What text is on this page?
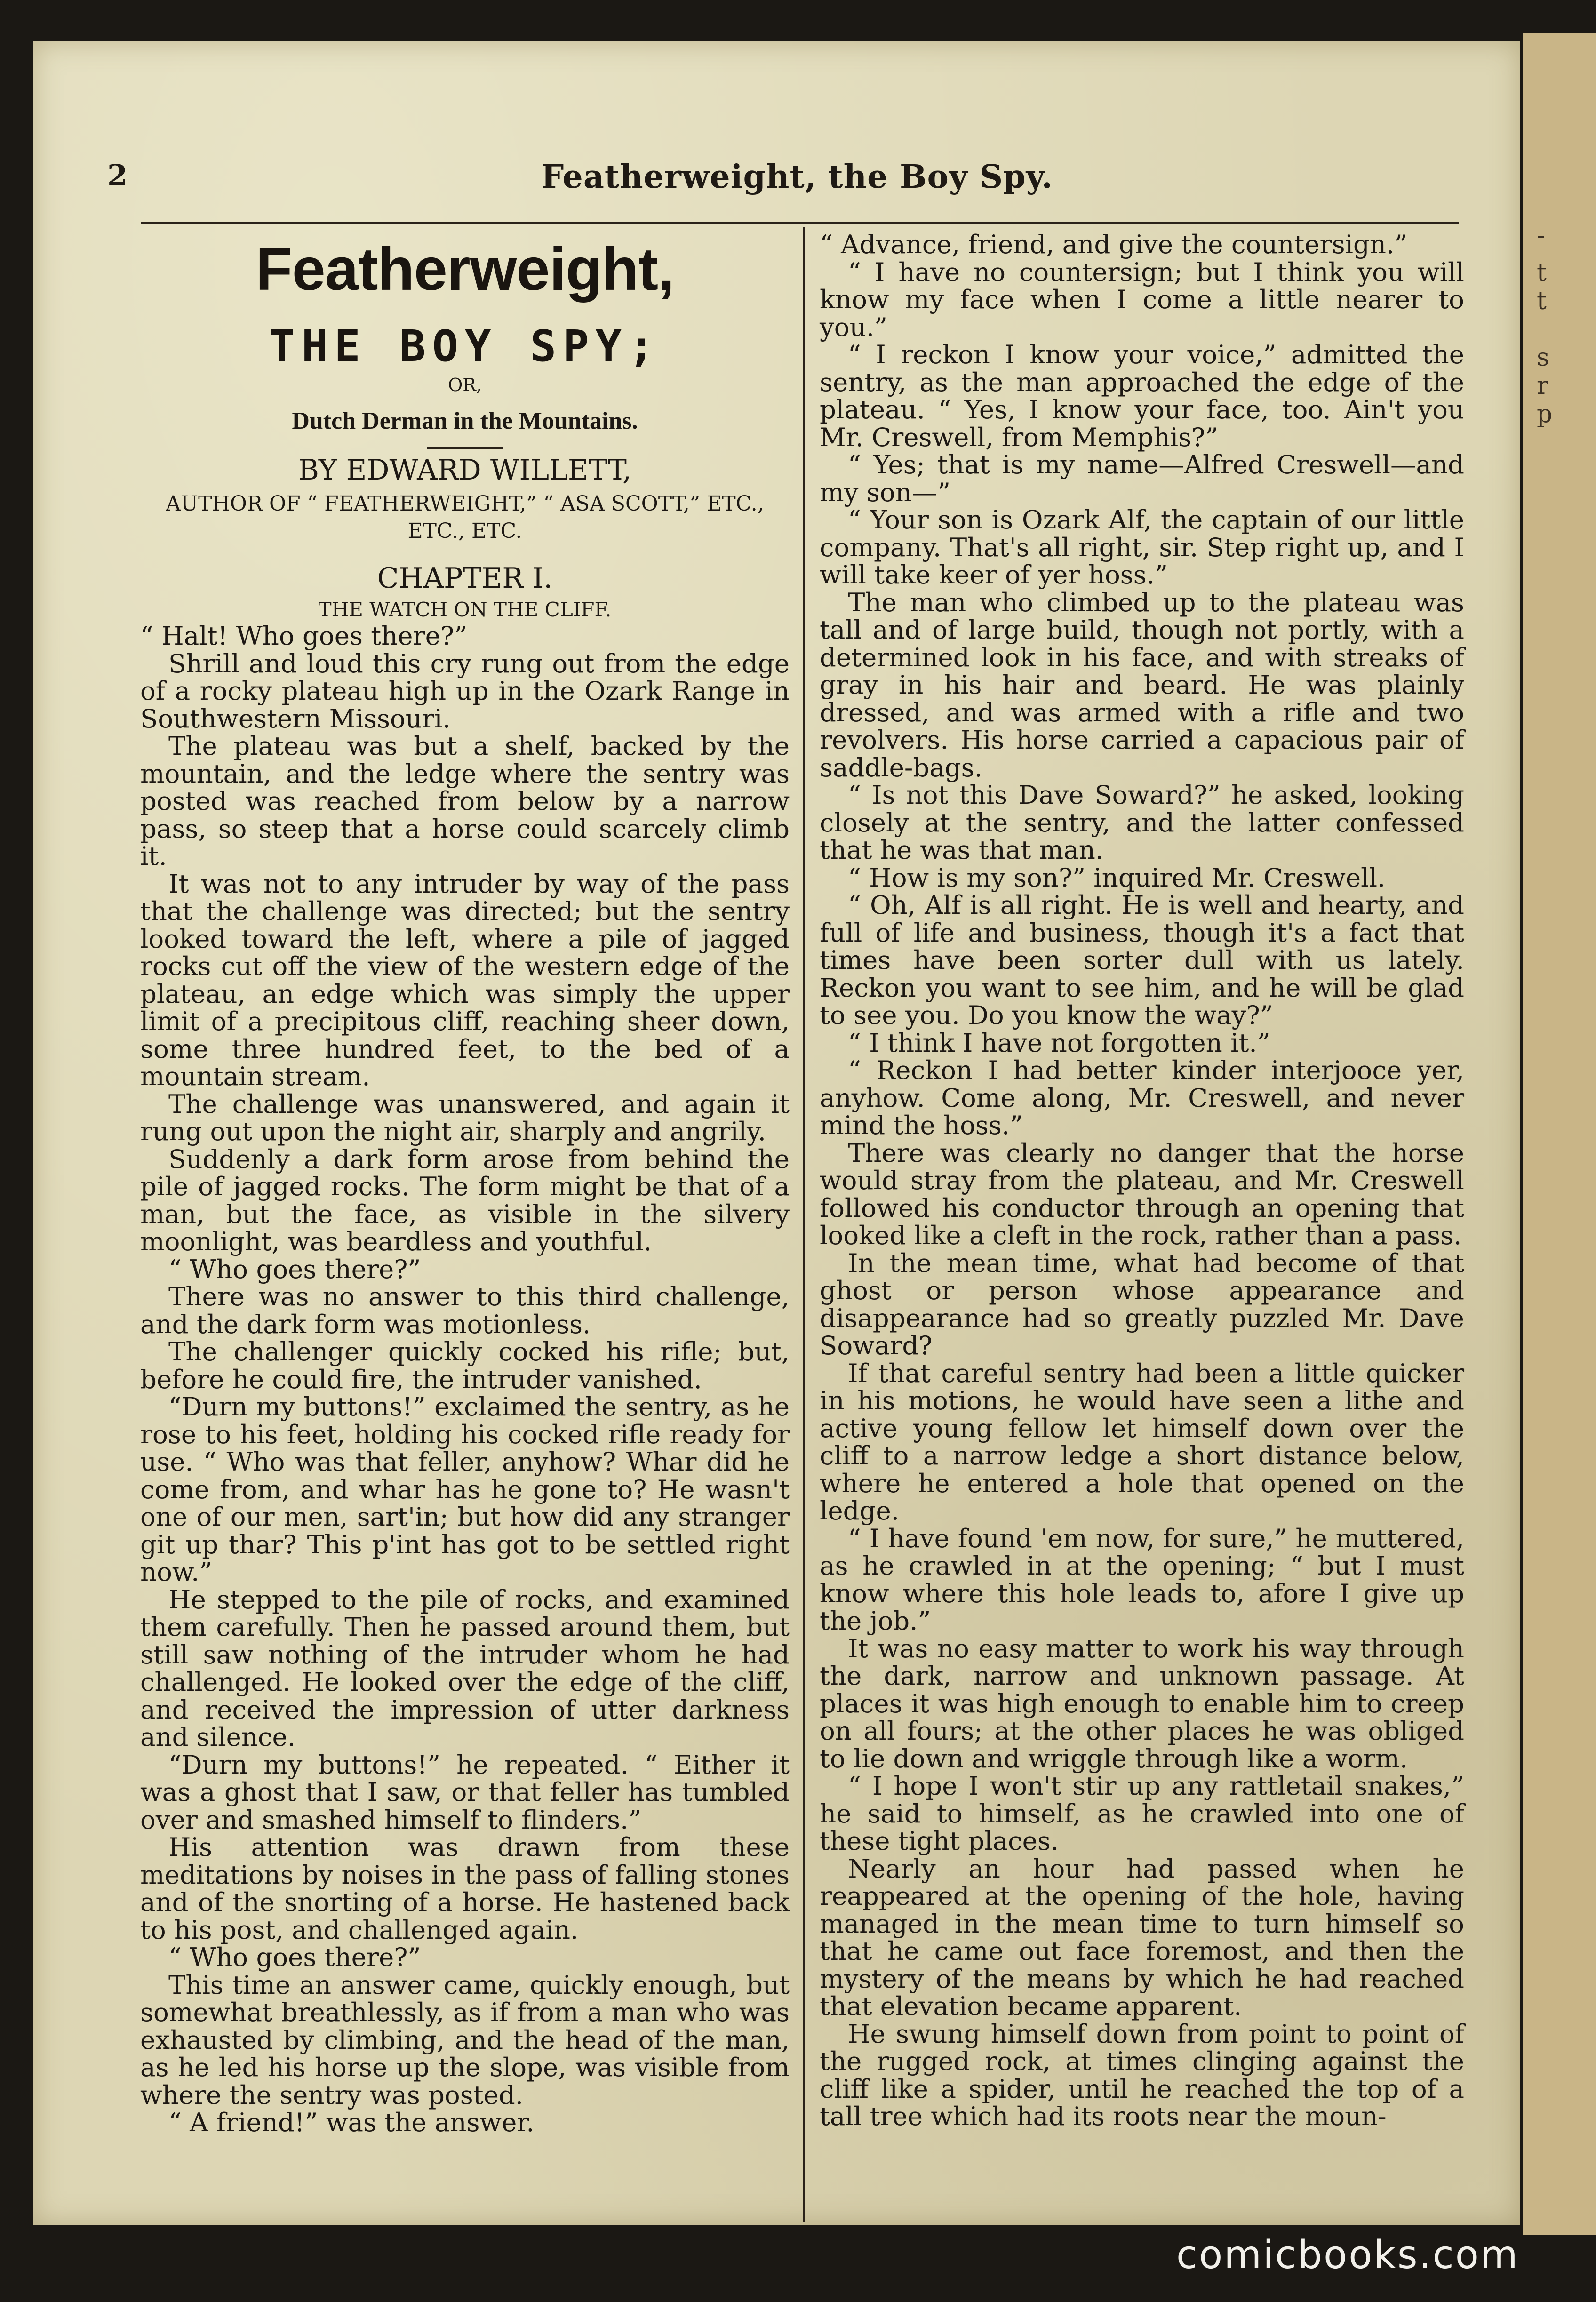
-
t
t
s
r
p
2	Featherweight, the Boy Spy.
Featherweight,
THE BOY SPY;
OR,
Dutch Derman in the Mountains.
BY EDWARD WILLETT,
AUTHOR OF “ FEATHERWEIGHT,” “ ASA SCOTT,” ETC., ETC., ETC.
CHAPTER I.
THE WATCH ON THE CLIFF.

“ Halt! Who goes there?”

Shrill and loud this cry rung out from the edge of a rocky plateau high up in the Ozark Range in Southwestern Missouri.

The plateau was but a shelf, backed by the mountain, and the ledge where the sentry was posted was reached from below by a narrow pass, so steep that a horse could scarcely climb it.

It was not to any intruder by way of the pass that the challenge was directed; but the sentry looked toward the left, where a pile of jagged rocks cut off the view of the western edge of the plateau, an edge which was simply the upper limit of a precipitous cliff, reaching sheer down, some three hundred feet, to the bed of a mountain stream.

The challenge was unanswered, and again it rung out upon the night air, sharply and angrily.

Suddenly a dark form arose from behind the pile of jagged rocks. The form might be that of a man, but the face, as visible in the silvery moonlight, was beardless and youthful.

“ Who goes there?”

There was no answer to this third challenge, and the dark form was motionless.

The challenger quickly cocked his rifle; but, before he could fire, the intruder vanished.

“Durn my buttons!” exclaimed the sentry, as he rose to his feet, holding his cocked rifle ready for use. “ Who was that feller, anyhow? Whar did he come from, and whar has he gone to? He wasn't one of our men, sart'in; but how did any stranger git up thar? This p'int has got to be settled right now.”

He stepped to the pile of rocks, and examined them carefully. Then he passed around them, but still saw nothing of the intruder whom he had challenged. He looked over the edge of the cliff, and received the impression of utter darkness and silence.

“Durn my buttons!” he repeated. “ Either it was a ghost that I saw, or that feller has tumbled over and smashed himself to flinders.”

His attention was drawn from these meditations by noises in the pass of falling stones and of the snorting of a horse. He hastened back to his post, and challenged again.

“ Who goes there?”

This time an answer came, quickly enough, but somewhat breathlessly, as if from a man who was exhausted by climbing, and the head of the man, as he led his horse up the slope, was visible from where the sentry was posted.

“ A friend!” was the answer.

“ Advance, friend, and give the countersign.”

“ I have no countersign; but I think you will know my face when I come a little nearer to you.”

“ I reckon I know your voice,” admitted the sentry, as the man approached the edge of the plateau. “ Yes, I know your face, too. Ain't you Mr. Creswell, from Memphis?”

“ Yes; that is my name—Alfred Creswell—and my son—”

“ Your son is Ozark Alf, the captain of our little company. That's all right, sir. Step right up, and I will take keer of yer hoss.”

The man who climbed up to the plateau was tall and of large build, though not portly, with a determined look in his face, and with streaks of gray in his hair and beard. He was plainly dressed, and was armed with a rifle and two revolvers. His horse carried a capacious pair of saddle-bags.

“ Is not this Dave Soward?” he asked, looking closely at the sentry, and the latter confessed that he was that man.

“ How is my son?” inquired Mr. Creswell.

“ Oh, Alf is all right. He is well and hearty, and full of life and business, though it's a fact that times have been sorter dull with us lately. Reckon you want to see him, and he will be glad to see you. Do you know the way?”

“ I think I have not forgotten it.”

“ Reckon I had better kinder interjooce yer, anyhow. Come along, Mr. Creswell, and never mind the hoss.”

There was clearly no danger that the horse would stray from the plateau, and Mr. Creswell followed his conductor through an opening that looked like a cleft in the rock, rather than a pass.

In the mean time, what had become of that ghost or person whose appearance and disappearance had so greatly puzzled Mr. Dave Soward?

If that careful sentry had been a little quicker in his motions, he would have seen a lithe and active young fellow let himself down over the cliff to a narrow ledge a short distance below, where he entered a hole that opened on the ledge.

“ I have found 'em now, for sure,” he muttered, as he crawled in at the opening; “ but I must know where this hole leads to, afore I give up the job.”

It was no easy matter to work his way through the dark, narrow and unknown passage. At places it was high enough to enable him to creep on all fours; at the other places he was obliged to lie down and wriggle through like a worm.

“ I hope I won't stir up any rattletail snakes,” he said to himself, as he crawled into one of these tight places.

Nearly an hour had passed when he reappeared at the opening of the hole, having managed in the mean time to turn himself so that he came out face foremost, and then the mystery of the means by which he had reached that elevation became apparent.

He swung himself down from point to point of the rugged rock, at times clinging against the cliff like a spider, until he reached the top of a tall tree which had its roots near the moun-

comicbooks.com
